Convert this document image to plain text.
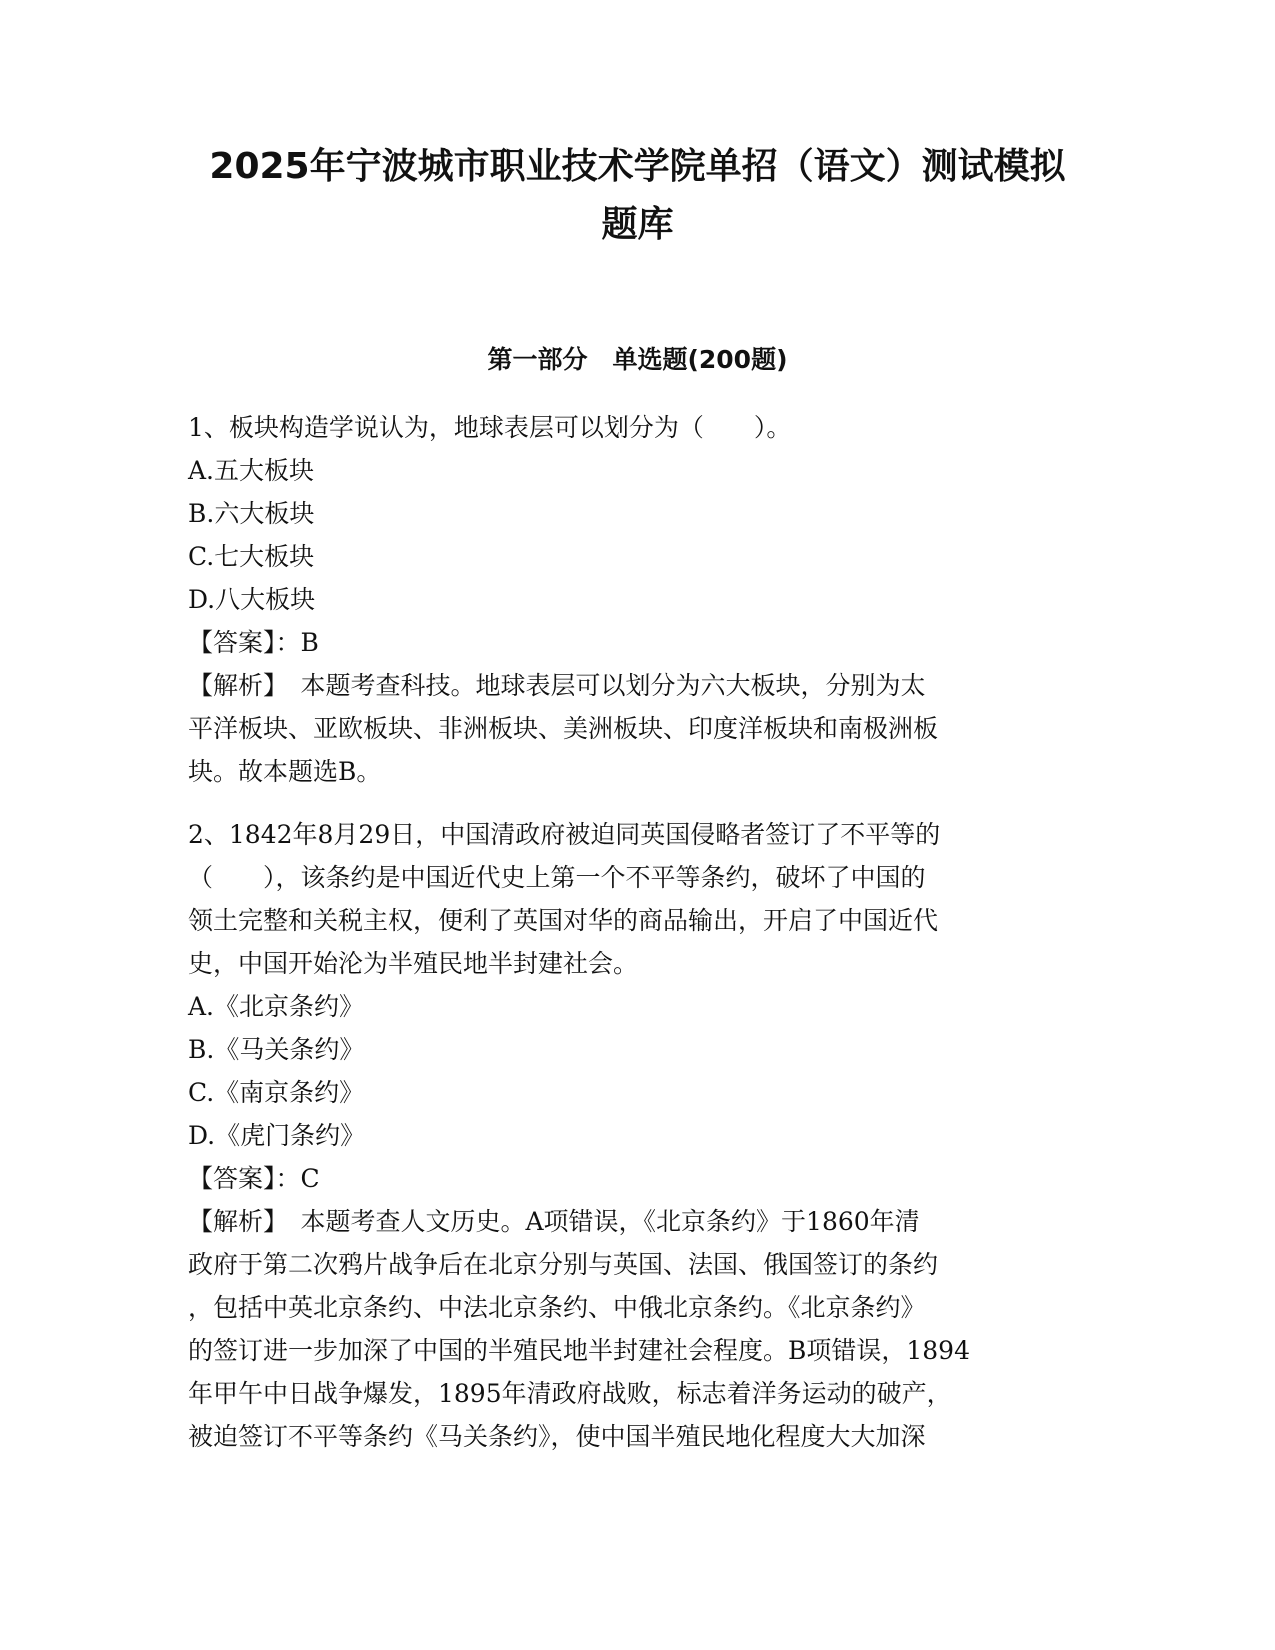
2025年宁波城市职业技术学院单招（语文）测试模拟
题库
第一部分　单选题(200题)
1、板块构造学说认为，地球表层可以划分为（　　）。
A.五大板块
B.六大板块
C.七大板块
D.八大板块
【答案】：B
【解析】　本题考查科技。地球表层可以划分为六大板块，分别为太
平洋板块、亚欧板块、非洲板块、美洲板块、印度洋板块和南极洲板
块。故本题选B。
2、1842年8月29日，中国清政府被迫同英国侵略者签订了不平等的
（　　），该条约是中国近代史上第一个不平等条约，破坏了中国的
领土完整和关税主权，便利了英国对华的商品输出，开启了中国近代
史，中国开始沦为半殖民地半封建社会。
A.《北京条约》
B.《马关条约》
C.《南京条约》
D.《虎门条约》
【答案】：C
【解析】　本题考查人文历史。A项错误，《北京条约》于1860年清
政府于第二次鸦片战争后在北京分别与英国、法国、俄国签订的条约
，包括中英北京条约、中法北京条约、中俄北京条约。《北京条约》
的签订进一步加深了中国的半殖民地半封建社会程度。B项错误，1894
年甲午中日战争爆发，1895年清政府战败，标志着洋务运动的破产，
被迫签订不平等条约《马关条约》，使中国半殖民地化程度大大加深
